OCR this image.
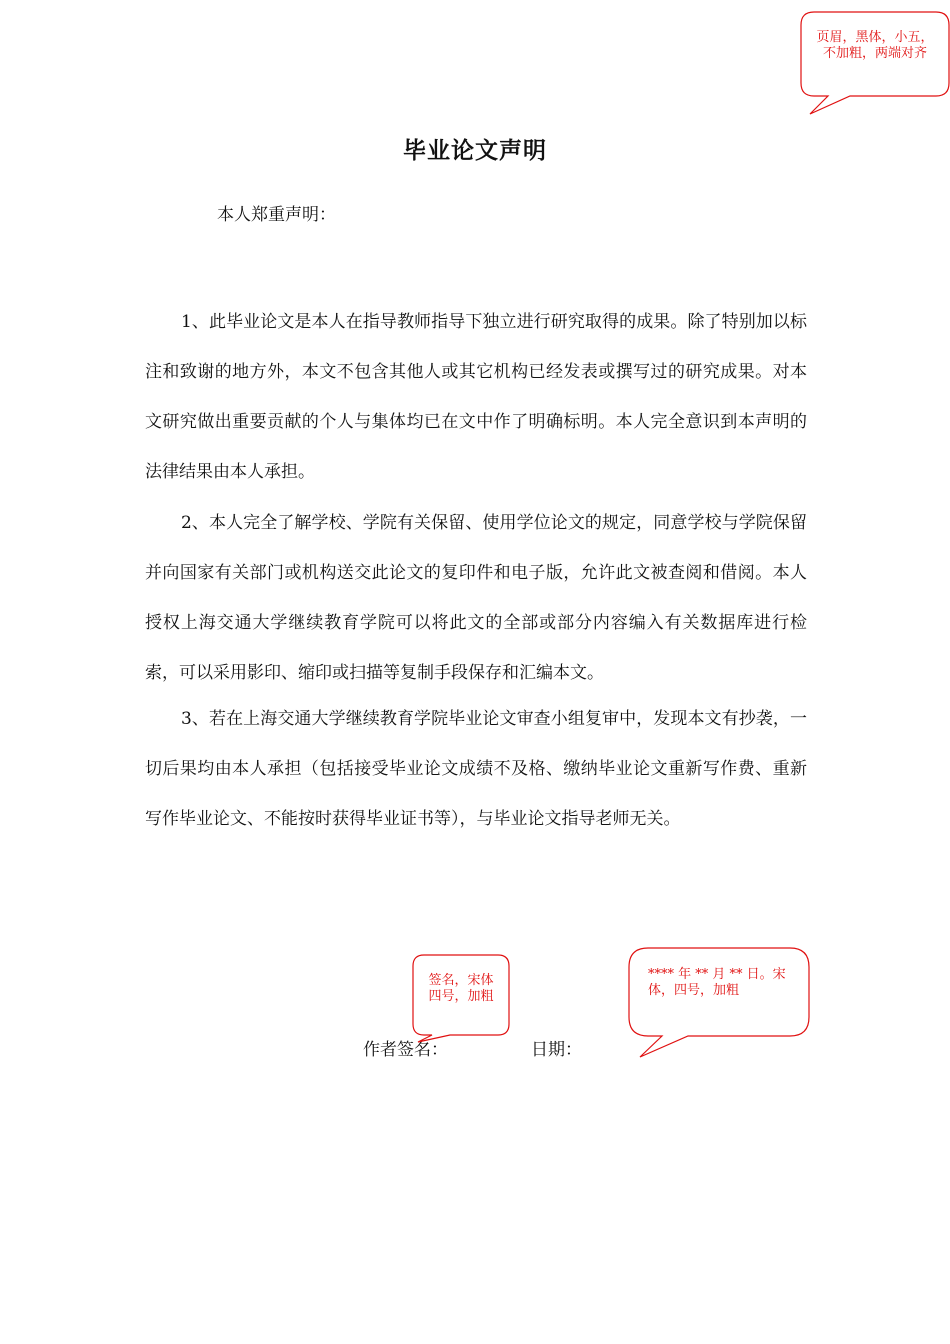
毕业论文声明
本人郑重声明：

1、此毕业论文是本人在指导教师指导下独立进行研究取得的成果。除了特别加以标注和致谢的地方外，本文不包含其他人或其它机构已经发表或撰写过的研究成果。对本文研究做出重要贡献的个人与集体均已在文中作了明确标明。本人完全意识到本声明的法律结果由本人承担。

2、本人完全了解学校、学院有关保留、使用学位论文的规定，同意学校与学院保留并向国家有关部门或机构送交此论文的复印件和电子版，允许此文被查阅和借阅。本人授权上海交通大学继续教育学院可以将此文的全部或部分内容编入有关数据库进行检索，可以采用影印、缩印或扫描等复制手段保存和汇编本文。

3、若在上海交通大学继续教育学院毕业论文审查小组复审中，发现本文有抄袭，一切后果均由本人承担（包括接受毕业论文成绩不及格、缴纳毕业论文重新写作费、重新写作毕业论文、不能按时获得毕业证书等），与毕业论文指导老师无关。

作者签名：	日期：
页眉，黑体，小五，
不加粗，两端对齐
签名，宋体
四号，加粗
**** 年 ** 月 ** 日。宋
体，四号，加粗
